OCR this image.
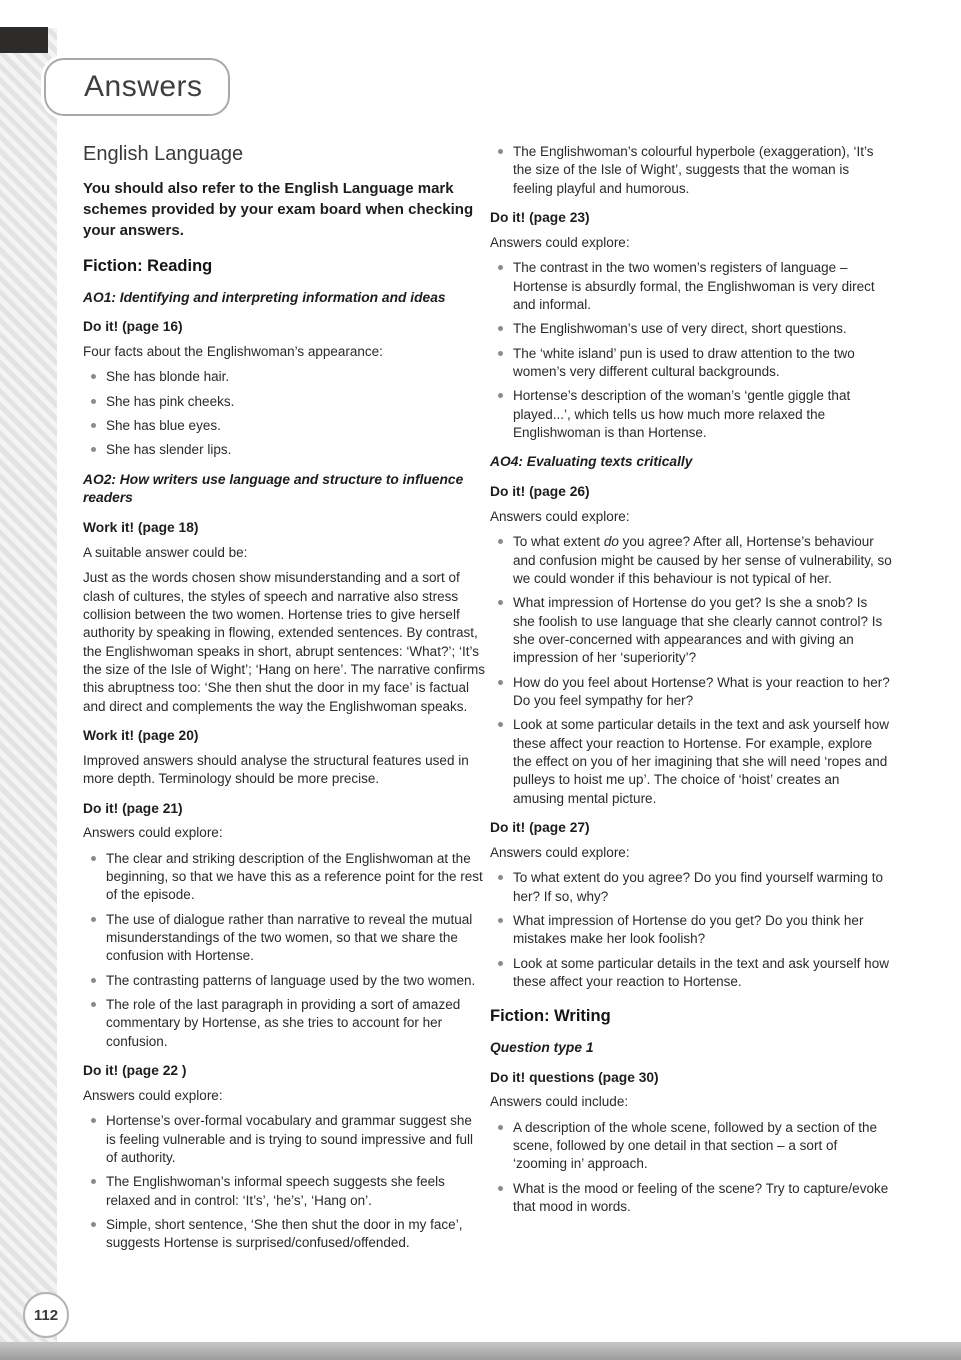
Answers
English Language
You should also refer to the English Language mark schemes provided by your exam board when checking your answers.
Fiction: Reading
AO1: Identifying and interpreting information and ideas
Do it! (page 16)
Four facts about the Englishwoman’s appearance:
She has blonde hair.
She has pink cheeks.
She has blue eyes.
She has slender lips.
AO2: How writers use language and structure to influence readers
Work it! (page 18)
A suitable answer could be:
Just as the words chosen show misunderstanding and a sort of clash of cultures, the styles of speech and narrative also stress collision between the two women. Hortense tries to give herself authority by speaking in flowing, extended sentences. By contrast, the Englishwoman speaks in short, abrupt sentences: ‘What?’; ‘It’s the size of the Isle of Wight’; ‘Hang on here’. The narrative confirms this abruptness too: ‘She then shut the door in my face’ is factual and direct and complements the way the Englishwoman speaks.
Work it! (page 20)
Improved answers should analyse the structural features used in more depth. Terminology should be more precise.
Do it! (page 21)
Answers could explore:
The clear and striking description of the Englishwoman at the beginning, so that we have this as a reference point for the rest of the episode.
The use of dialogue rather than narrative to reveal the mutual misunderstandings of the two women, so that we share the confusion with Hortense.
The contrasting patterns of language used by the two women.
The role of the last paragraph in providing a sort of amazed commentary by Hortense, as she tries to account for her confusion.
Do it! (page 22 )
Answers could explore:
Hortense’s over-formal vocabulary and grammar suggest she is feeling vulnerable and is trying to sound impressive and full of authority.
The Englishwoman’s informal speech suggests she feels relaxed and in control: ‘It’s’, ‘he’s’, ‘Hang on’.
Simple, short sentence, ‘She then shut the door in my face’, suggests Hortense is surprised/confused/offended.
The Englishwoman’s colourful hyperbole (exaggeration), ‘It’s the size of the Isle of Wight’, suggests that the woman is feeling playful and humorous.
Do it! (page 23)
Answers could explore:
The contrast in the two women’s registers of language – Hortense is absurdly formal, the Englishwoman is very direct and informal.
The Englishwoman’s use of very direct, short questions.
The ‘white island’ pun is used to draw attention to the two women’s very different cultural backgrounds.
Hortense’s description of the woman’s ‘gentle giggle that played...’, which tells us how much more relaxed the Englishwoman is than Hortense.
AO4: Evaluating texts critically
Do it! (page 26)
Answers could explore:
To what extent do you agree? After all, Hortense’s behaviour and confusion might be caused by her sense of vulnerability, so we could wonder if this behaviour is not typical of her.
What impression of Hortense do you get? Is she a snob? Is she foolish to use language that she clearly cannot control? Is she over-concerned with appearances and with giving an impression of her ‘superiority’?
How do you feel about Hortense? What is your reaction to her? Do you feel sympathy for her?
Look at some particular details in the text and ask yourself how these affect your reaction to Hortense. For example, explore the effect on you of her imagining that she will need ‘ropes and pulleys to hoist me up’. The choice of ‘hoist’ creates an amusing mental picture.
Do it! (page 27)
Answers could explore:
To what extent do you agree? Do you find yourself warming to her? If so, why?
What impression of Hortense do you get? Do you think her mistakes make her look foolish?
Look at some particular details in the text and ask yourself how these affect your reaction to Hortense.
Fiction: Writing
Question type 1
Do it! questions (page 30)
Answers could include:
A description of the whole scene, followed by a section of the scene, followed by one detail in that section – a sort of ‘zooming in’ approach.
What is the mood or feeling of the scene? Try to capture/evoke that mood in words.
112
